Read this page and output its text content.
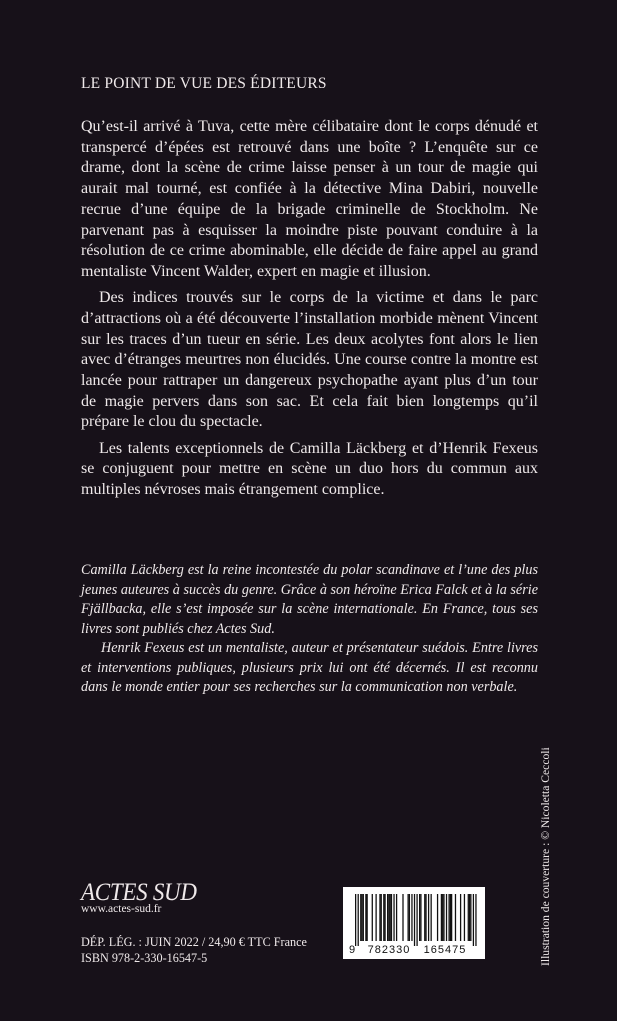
LE POINT DE VUE DES ÉDITEURS

Qu’est-il arrivé à Tuva, cette mère célibataire dont le corps dénudé et transpercé d’épées est retrouvé dans une boîte ? L’enquête sur ce drame, dont la scène de crime laisse penser à un tour de magie qui aurait mal tourné, est confiée à la détective Mina Dabiri, nouvelle recrue d’une équipe de la brigade criminelle de Stockholm. Ne parvenant pas à esquisser la moindre piste pouvant conduire à la résolution de ce crime abominable, elle décide de faire appel au grand mentaliste Vincent Walder, expert en magie et illusion.

Des indices trouvés sur le corps de la victime et dans le parc d’attractions où a été découverte l’installation morbide mènent Vincent sur les traces d’un tueur en série. Les deux acolytes font alors le lien avec d’étranges meurtres non élucidés. Une course contre la montre est lancée pour rattraper un dangereux psychopathe ayant plus d’un tour de magie pervers dans son sac. Et cela fait bien longtemps qu’il prépare le clou du spectacle.

Les talents exceptionnels de Camilla Läckberg et d’Henrik Fexeus se conjuguent pour mettre en scène un duo hors du commun aux multiples névroses mais étrangement complice.

Camilla Läckberg est la reine incontestée du polar scandinave et l’une des plus jeunes auteures à succès du genre. Grâce à son héroïne Erica Falck et à la série Fjällbacka, elle s’est imposée sur la scène internationale. En France, tous ses livres sont publiés chez Actes Sud.

Henrik Fexeus est un mentaliste, auteur et présentateur suédois. Entre livres et interventions publiques, plusieurs prix lui ont été décernés. Il est reconnu dans le monde entier pour ses recherches sur la communication non verbale.

ACTES SUD
www.actes-sud.fr
DÉP. LÉG. : JUIN 2022 / 24,90 € TTC France
ISBN 978-2-330-16547-5
9 782330 165475	Illustration de couverture : © Nicoletta Ceccoli
